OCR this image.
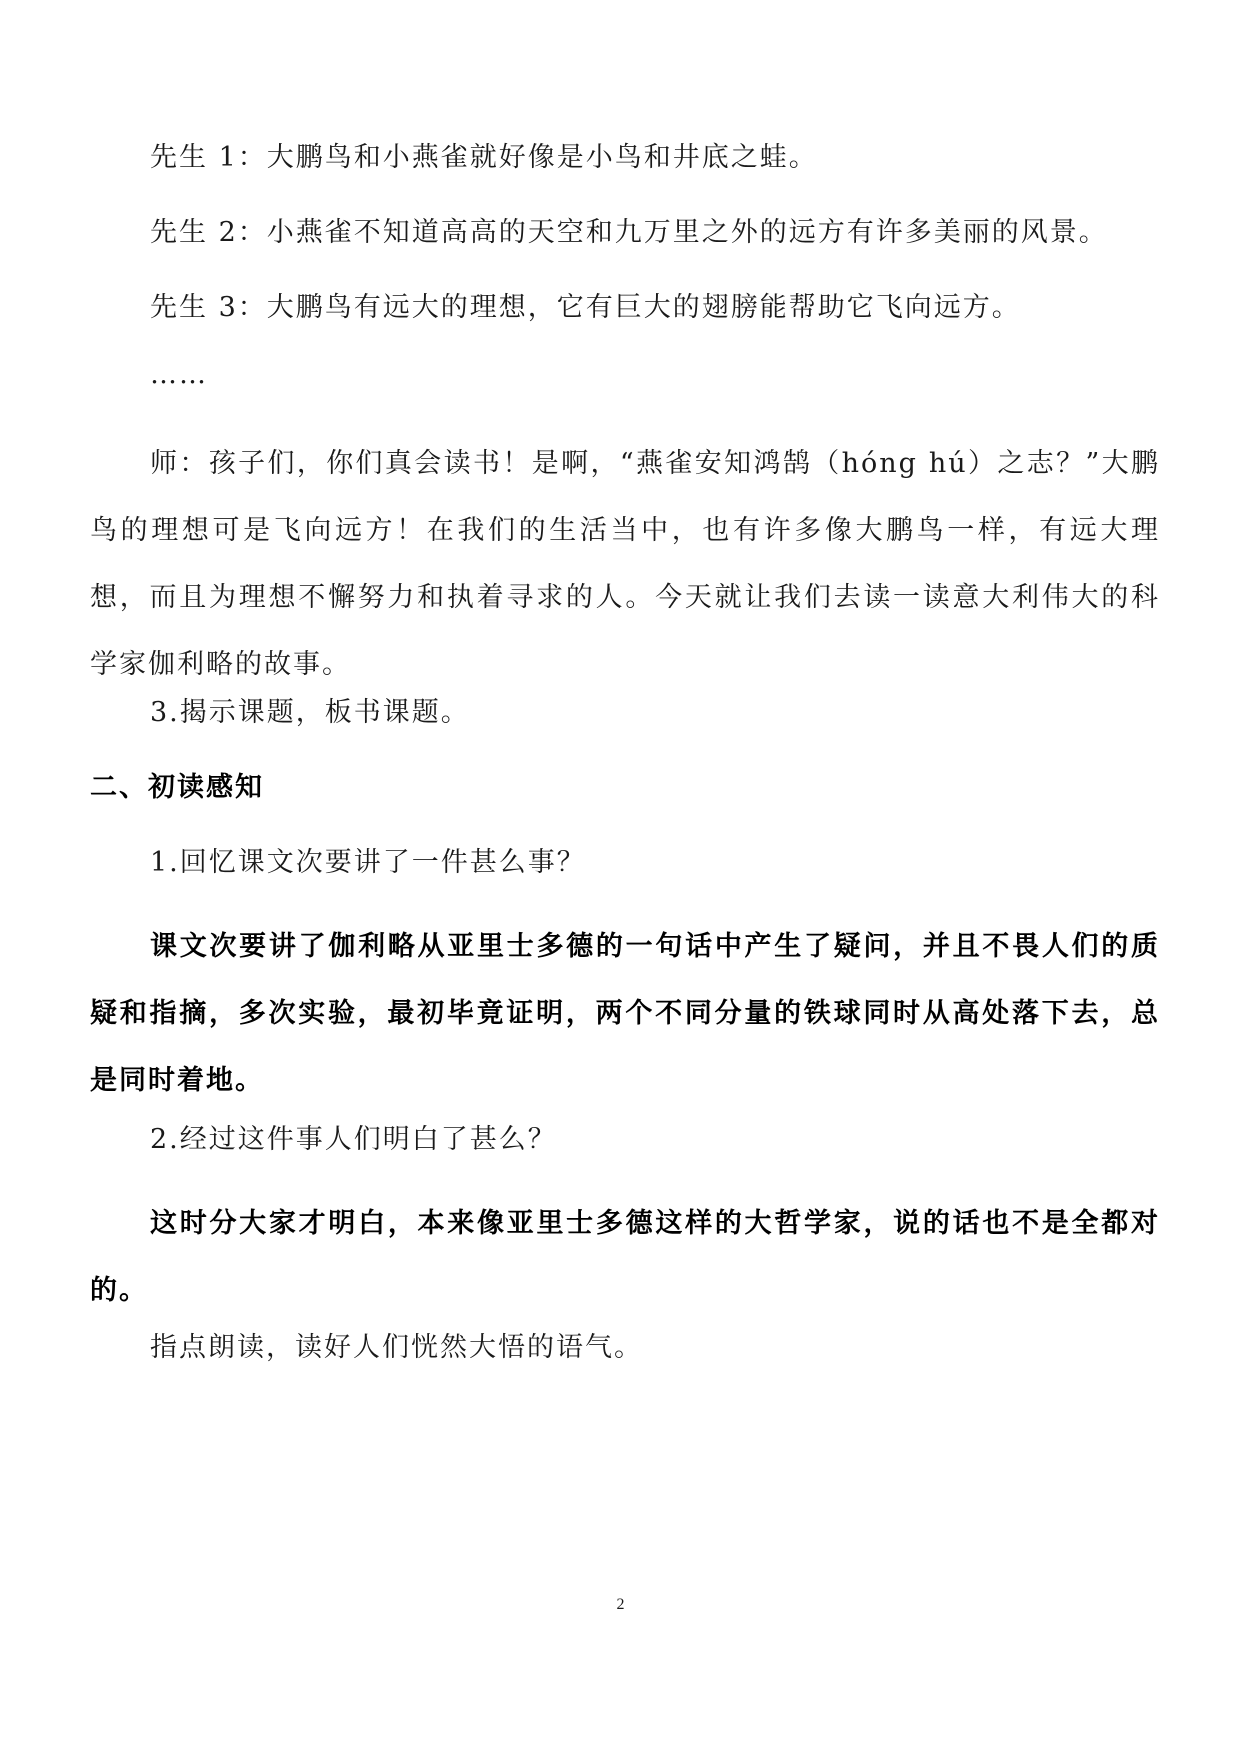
先生 1：大鹏鸟和小燕雀就好像是小鸟和井底之蛙。
先生 2：小燕雀不知道高高的天空和九万里之外的远方有许多美丽的风景。
先生 3：大鹏鸟有远大的理想，它有巨大的翅膀能帮助它飞向远方。
……
师：孩子们，你们真会读书！是啊，“燕雀安知鸿鹄（hóng hú）之志？”大鹏鸟的理想可是飞向远方！在我们的生活当中，也有许多像大鹏鸟一样，有远大理想，而且为理想不懈努力和执着寻求的人。今天就让我们去读一读意大利伟大的科学家伽利略的故事。
3.揭示课题，板书课题。
二、初读感知
1.回忆课文次要讲了一件甚么事？
课文次要讲了伽利略从亚里士多德的一句话中产生了疑问，并且不畏人们的质疑和指摘，多次实验，最初毕竟证明，两个不同分量的铁球同时从高处落下去，总是同时着地。
2.经过这件事人们明白了甚么？
这时分大家才明白，本来像亚里士多德这样的大哲学家，说的话也不是全都对的。
指点朗读，读好人们恍然大悟的语气。
2
